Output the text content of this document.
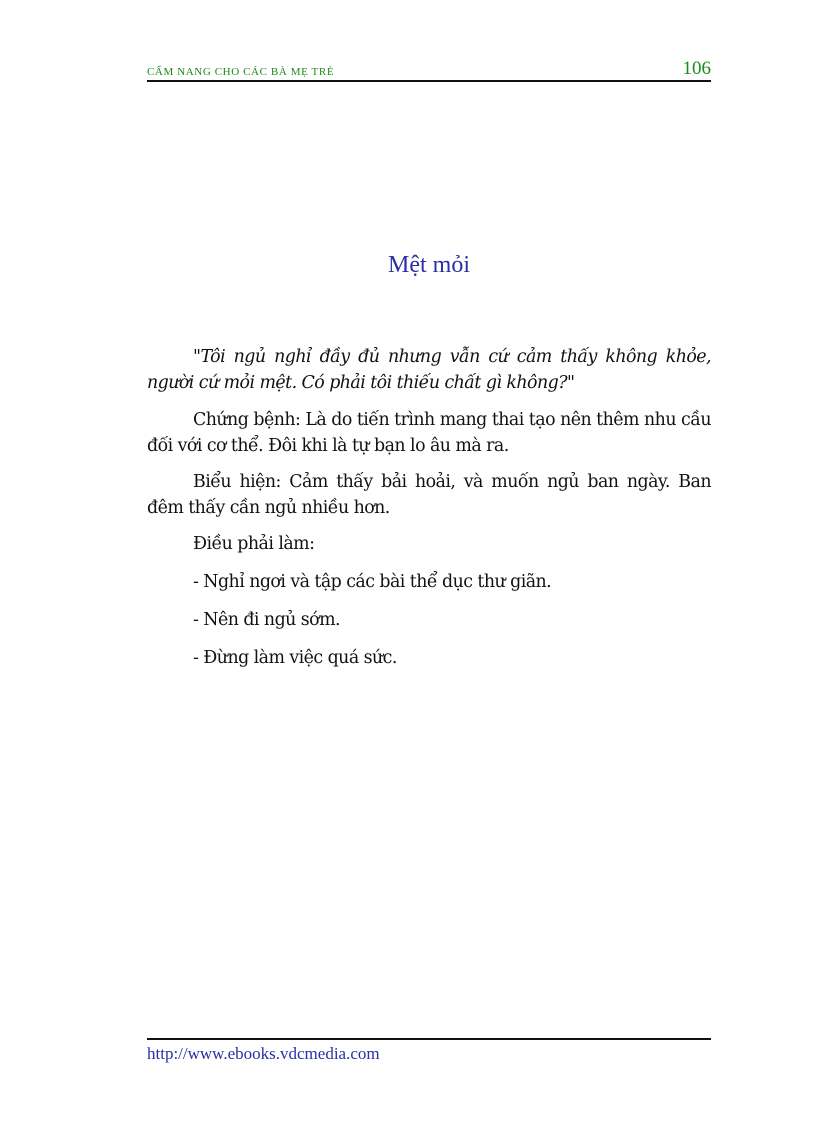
CẨM NANG CHO CÁC BÀ MẸ TRẺ	106
Mệt mỏi

"Tôi ngủ nghỉ đầy đủ nhưng vẫn cứ cảm thấy không khỏe, người cứ mỏi mệt. Có phải tôi thiếu chất gì không?"

Chứng bệnh: Là do tiến trình mang thai tạo nên thêm nhu cầu đối với cơ thể. Đôi khi là tự bạn lo âu mà ra.

Biểu hiện: Cảm thấy bải hoải, và muốn ngủ ban ngày. Ban đêm thấy cần ngủ nhiều hơn.

Điều phải làm:

- Nghỉ ngơi và tập các bài thể dục thư giãn.

- Nên đi ngủ sớm.

- Đừng làm việc quá sức.

http://www.ebooks.vdcmedia.com
